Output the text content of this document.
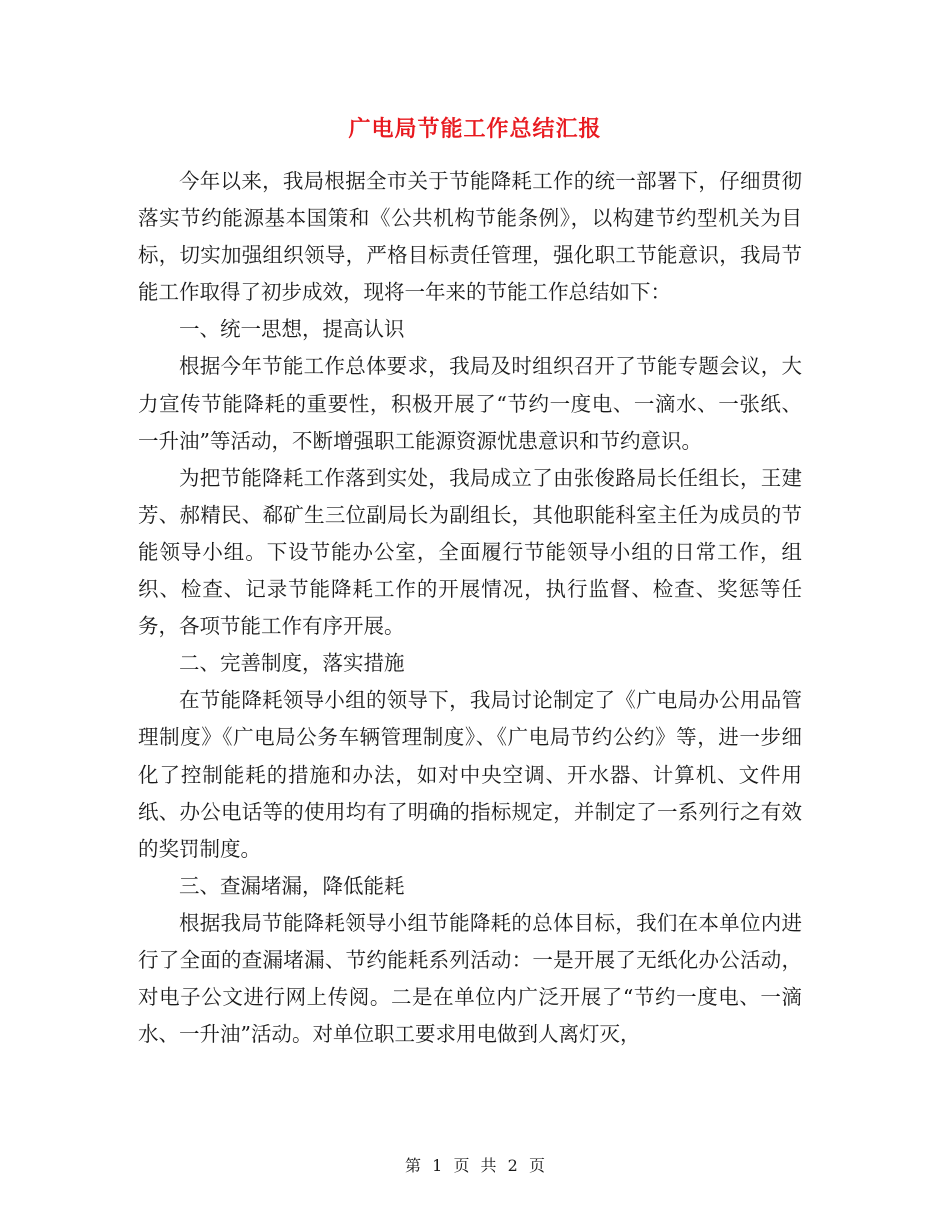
广电局节能工作总结汇报

今年以来，我局根据全市关于节能降耗工作的统一部署下，仔细贯彻落实节约能源基本国策和《公共机构节能条例》，以构建节约型机关为目标，切实加强组织领导，严格目标责任管理，强化职工节能意识，我局节能工作取得了初步成效，现将一年来的节能工作总结如下：

一、统一思想，提高认识

根据今年节能工作总体要求，我局及时组织召开了节能专题会议，大力宣传节能降耗的重要性，积极开展了“节约一度电、一滴水、一张纸、一升油”等活动，不断增强职工能源资源忧患意识和节约意识。

为把节能降耗工作落到实处，我局成立了由张俊路局长任组长，王建芳、郝精民、郗矿生三位副局长为副组长，其他职能科室主任为成员的节能领导小组。下设节能办公室，全面履行节能领导小组的日常工作，组织、检查、记录节能降耗工作的开展情况，执行监督、检查、奖惩等任务，各项节能工作有序开展。

二、完善制度，落实措施

在节能降耗领导小组的领导下，我局讨论制定了《广电局办公用品管理制度》《广电局公务车辆管理制度》、《广电局节约公约》等，进一步细化了控制能耗的措施和办法，如对中央空调、开水器、计算机、文件用纸、办公电话等的使用均有了明确的指标规定，并制定了一系列行之有效的奖罚制度。

三、查漏堵漏，降低能耗

根据我局节能降耗领导小组节能降耗的总体目标，我们在本单位内进行了全面的查漏堵漏、节约能耗系列活动：一是开展了无纸化办公活动，对电子公文进行网上传阅。二是在单位内广泛开展了“节约一度电、一滴水、一升油”活动。对单位职工要求用电做到人离灯灭，

第 1 页 共 2 页
